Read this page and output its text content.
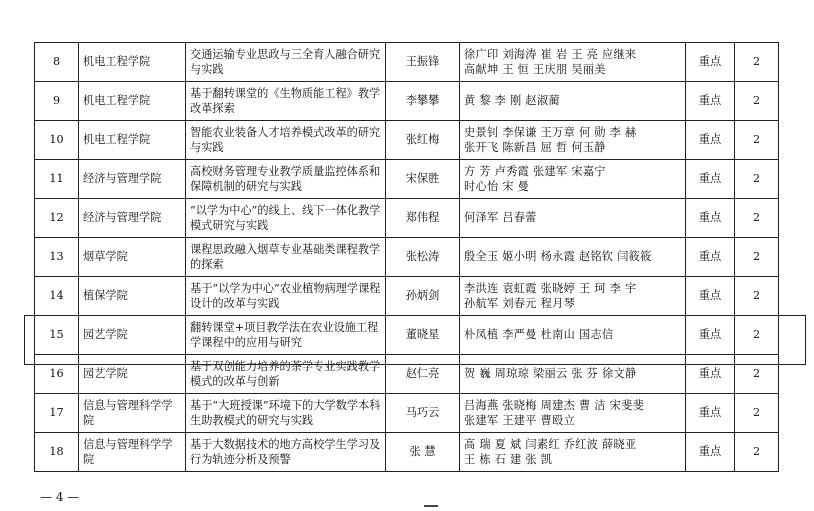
8	机电工程学院	交通运输专业思政与三全育人融合研究与实践	王振锋	徐广印 刘海涛 崔 岩 王 亮 应继来
高献坤 王 恒 王庆朋 吴丽美	重点	2
9	机电工程学院	基于翻转课堂的《生物质能工程》教学改革探索	李攀攀	黄 黎 李 刚 赵淑蔺	重点	2
10	机电工程学院	智能农业装备人才培养模式改革的研究与实践	张红梅	史景钊 李保谦 王万章 何 勋 李 赫
张开飞 陈新昌 屈 哲 何玉静	重点	2
11	经济与管理学院	高校财务管理专业教学质量监控体系和保障机制的研究与实践	宋保胜	方 芳 卢秀霞 张建军 宋嘉宁
时心怡 宋 曼	重点	2
12	经济与管理学院	“以学为中心”的线上、线下一体化教学模式研究与实践	郑伟程	何泽军 吕春蕾	重点	2
13	烟草学院	课程思政融入烟草专业基础类课程教学的探索	张松涛	殷全玉 姬小明 杨永霞 赵铭钦 闫筱筱	重点	2
14	植保学院	基于“以学为中心”农业植物病理学课程设计的改革与实践	孙炳剑	李洪连 袁虹霞 张晓婷 王 珂 李 宇
孙航军 刘春元 程月琴	重点	2
15	园艺学院	翻转课堂+项目教学法在农业设施工程学课程中的应用与研究	董晓星	朴凤植 李严曼 杜南山 国志信	重点	2
16	园艺学院	基于双创能力培养的茶学专业实践教学模式的改革与创新	赵仁亮	贺 巍 周琼琼 梁丽云 张 芬 徐文静	重点	2
17	信息与管理科学学院	基于“大班授课”环境下的大学数学本科生助教模式的研究与实践	马巧云	吕海燕 张晓梅 周建杰 曹 洁 宋斐斐
张建军 王建平 曹殴立	重点	2
18	信息与管理科学学院	基于大数据技术的地方高校学生学习及行为轨迹分析及预警	张 慧	高 瑞 夏 斌 闫素红 乔红波 薛晓亚
王 栋 石 建 张 凯	重点	2
— 4 —
